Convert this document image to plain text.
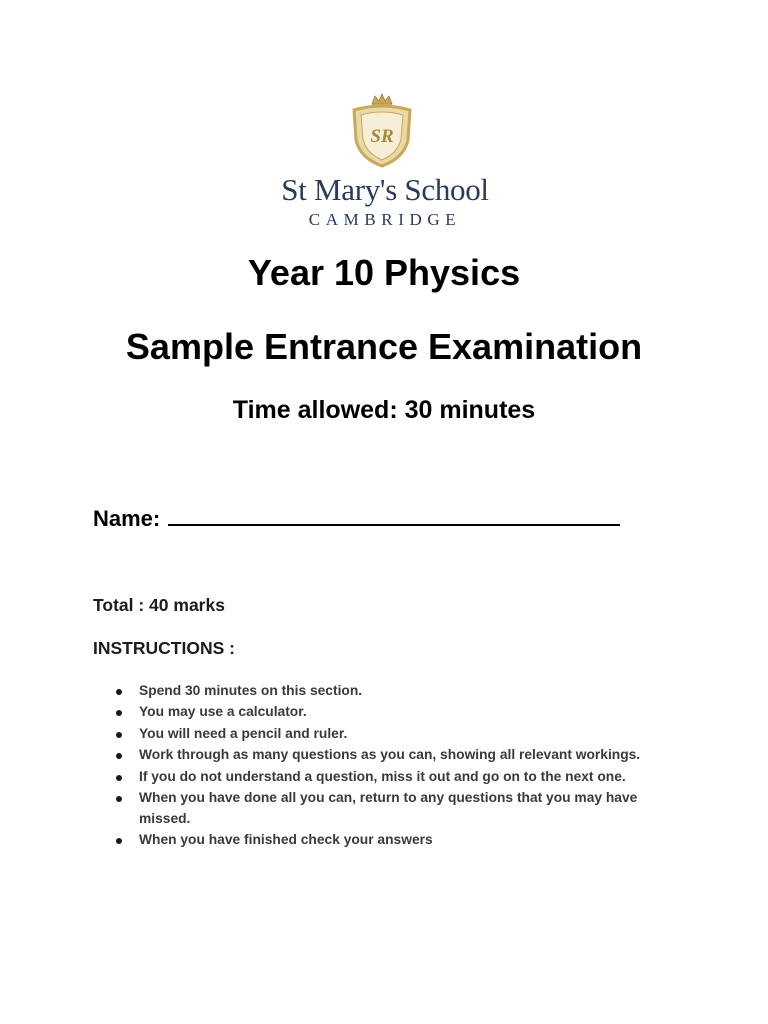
SR
St Mary's School
CAMBRIDGE
Year 10 Physics
Sample Entrance Examination
Time allowed: 30 minutes
Name:
Total : 40 marks
INSTRUCTIONS :
Spend 30 minutes on this section.
You may use a calculator.
You will need a pencil and ruler.
Work through as many questions as you can, showing all relevant workings.
If you do not understand a question, miss it out and go on to the next one.
When you have done all you can, return to any questions that you may have missed.
When you have finished check your answers
